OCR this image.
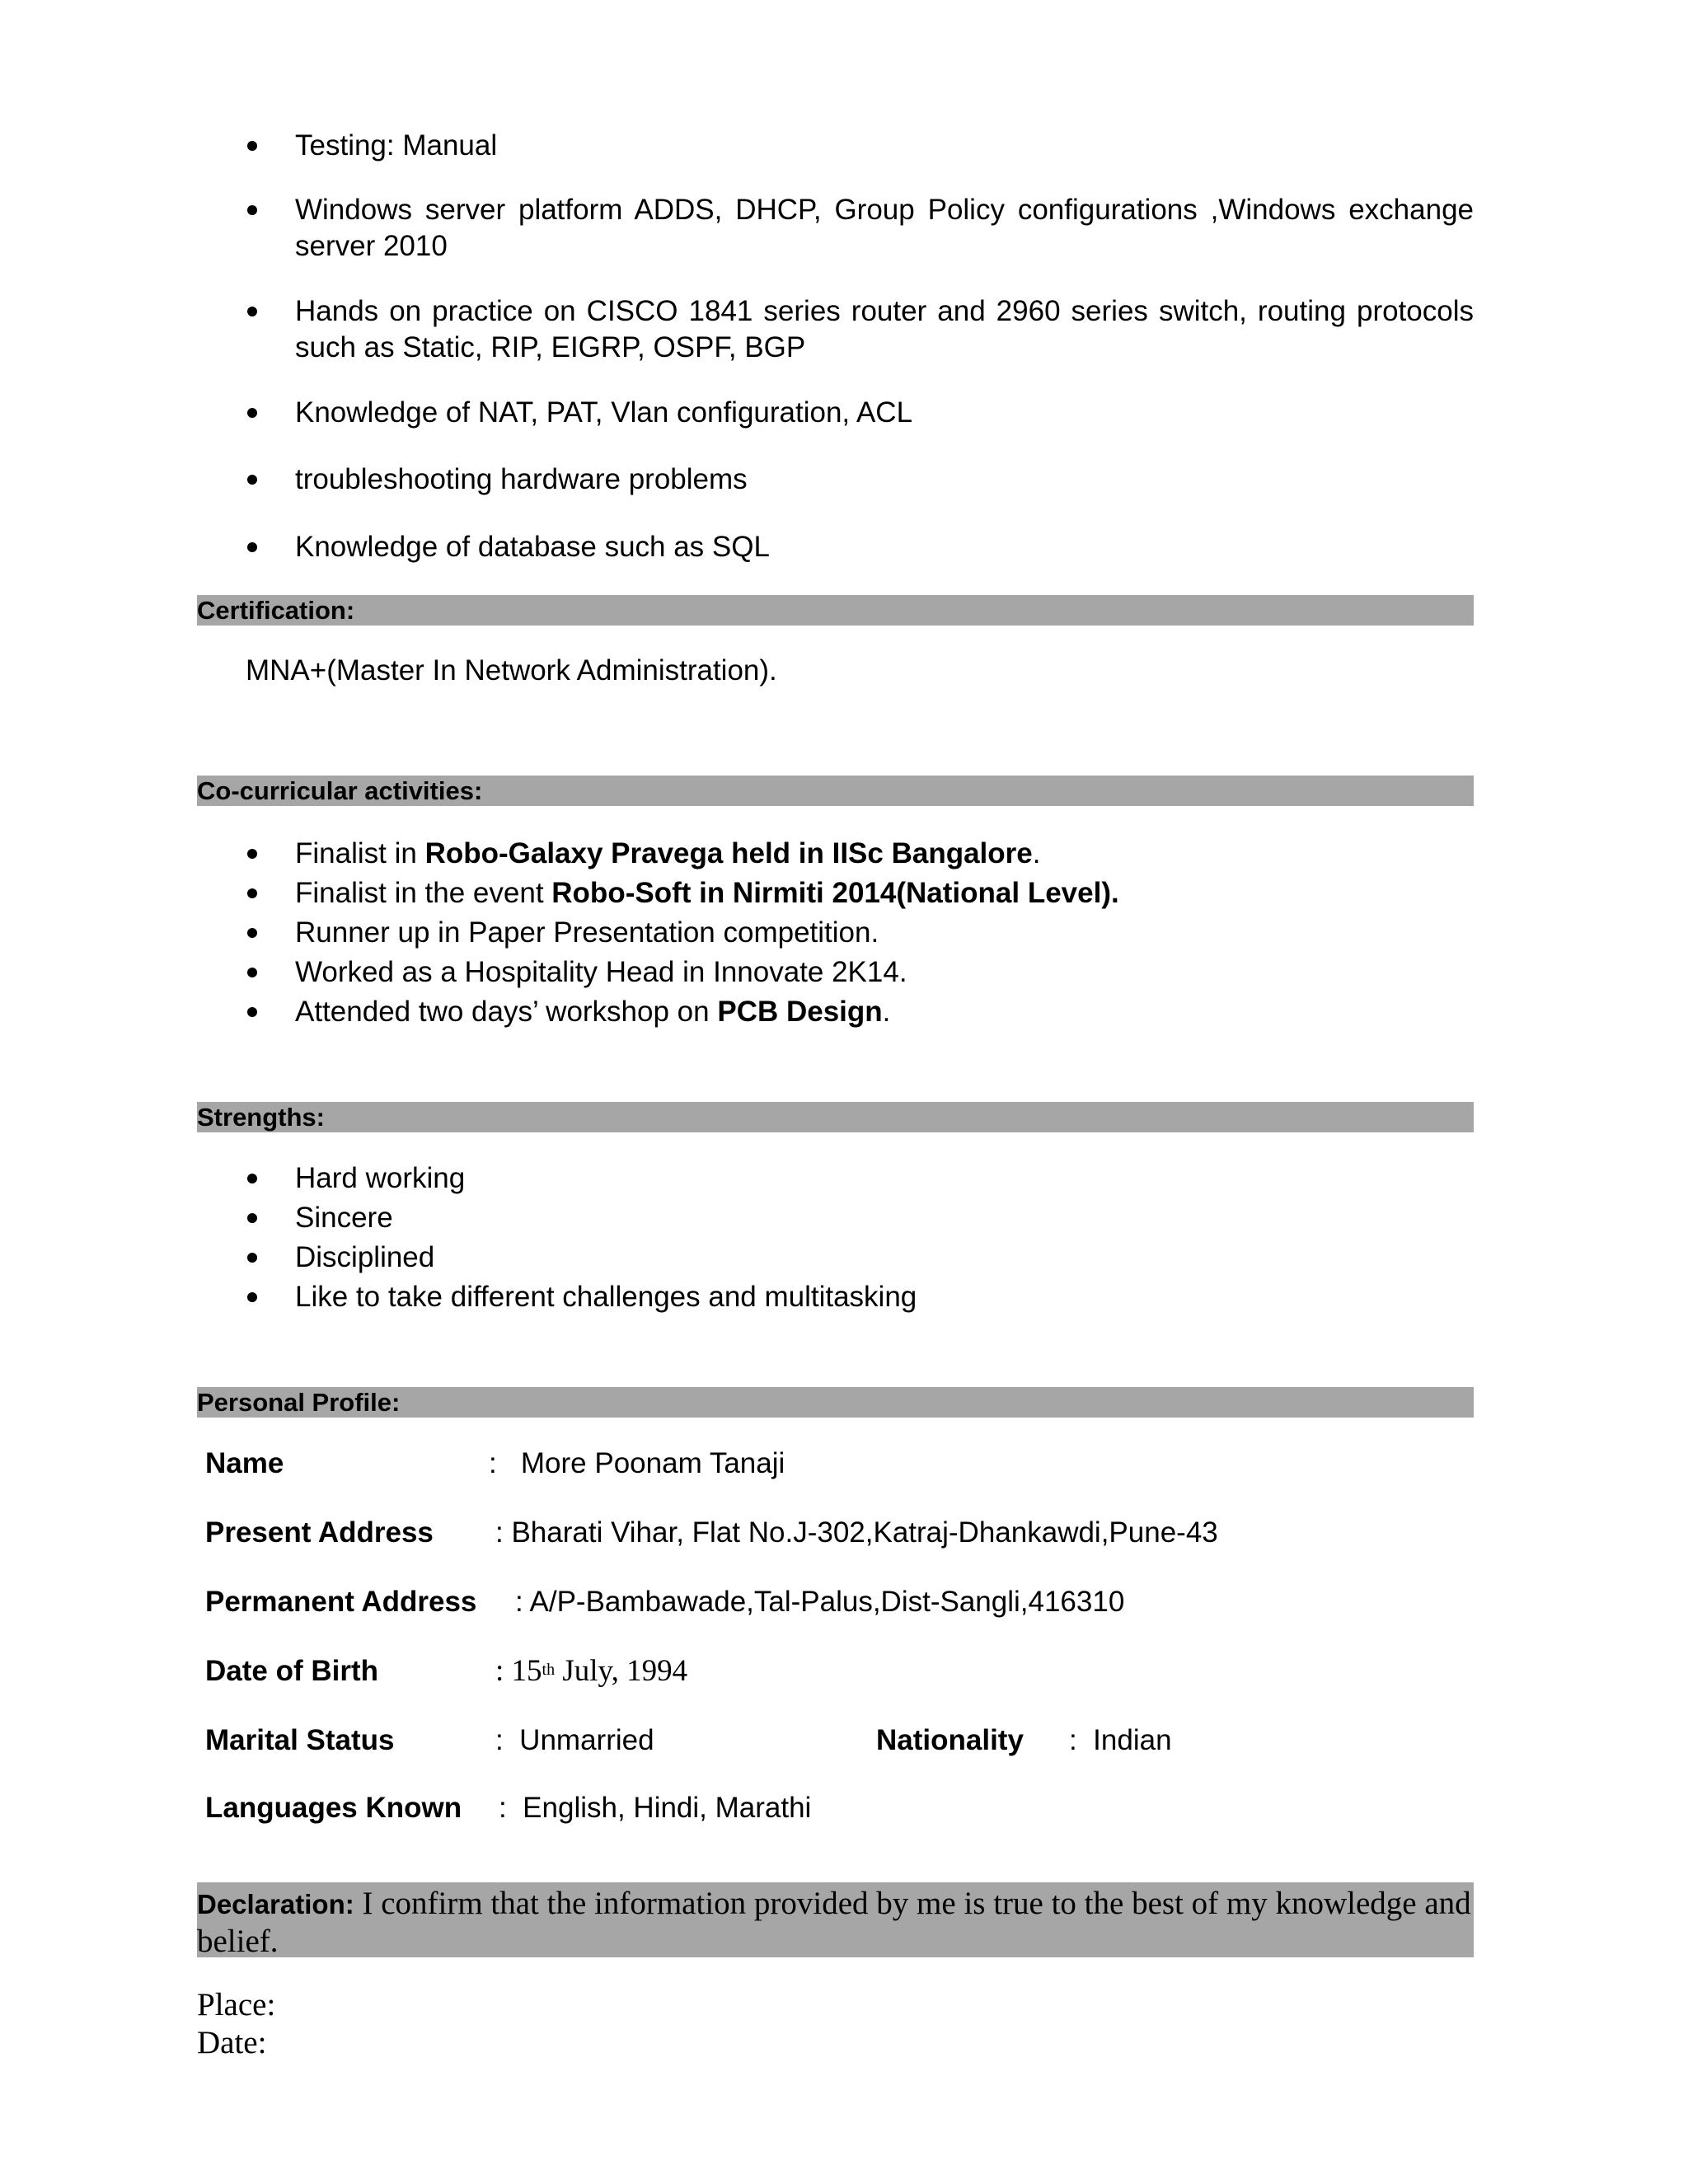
Testing: Manual
Windows server platform ADDS, DHCP, Group Policy configurations ,Windows exchange server 2010
Hands on practice on CISCO 1841 series router and 2960 series switch, routing protocols such as Static, RIP, EIGRP, OSPF, BGP
Knowledge of NAT, PAT, Vlan configuration, ACL
troubleshooting hardware problems
Knowledge of database such as SQL
Certification:
MNA+(Master In Network Administration).
Co-curricular activities:
Finalist in Robo-Galaxy Pravega held in IISc Bangalore.
Finalist in the event Robo-Soft in Nirmiti 2014(National Level).
Runner up in Paper Presentation competition.
Worked as a Hospitality Head in Innovate 2K14.
Attended two days’ workshop on PCB Design.
Strengths:
Hard working
Sincere
Disciplined
Like to take different challenges and multitasking
Personal Profile:
Name	:   More Poonam Tanaji
Present Address : Bharati Vihar, Flat No.J-302,Katraj-Dhankawdi,Pune-43
Permanent Address : A/P-Bambawade,Tal-Palus,Dist-Sangli,416310
Date of Birth	: 15th July, 1994
Marital Status	:  Unmarried	Nationality :  Indian
Languages Known :  English, Hindi, Marathi
Declaration: I confirm that the information provided by me is true to the best of my knowledge and belief.
Place:
Date:
